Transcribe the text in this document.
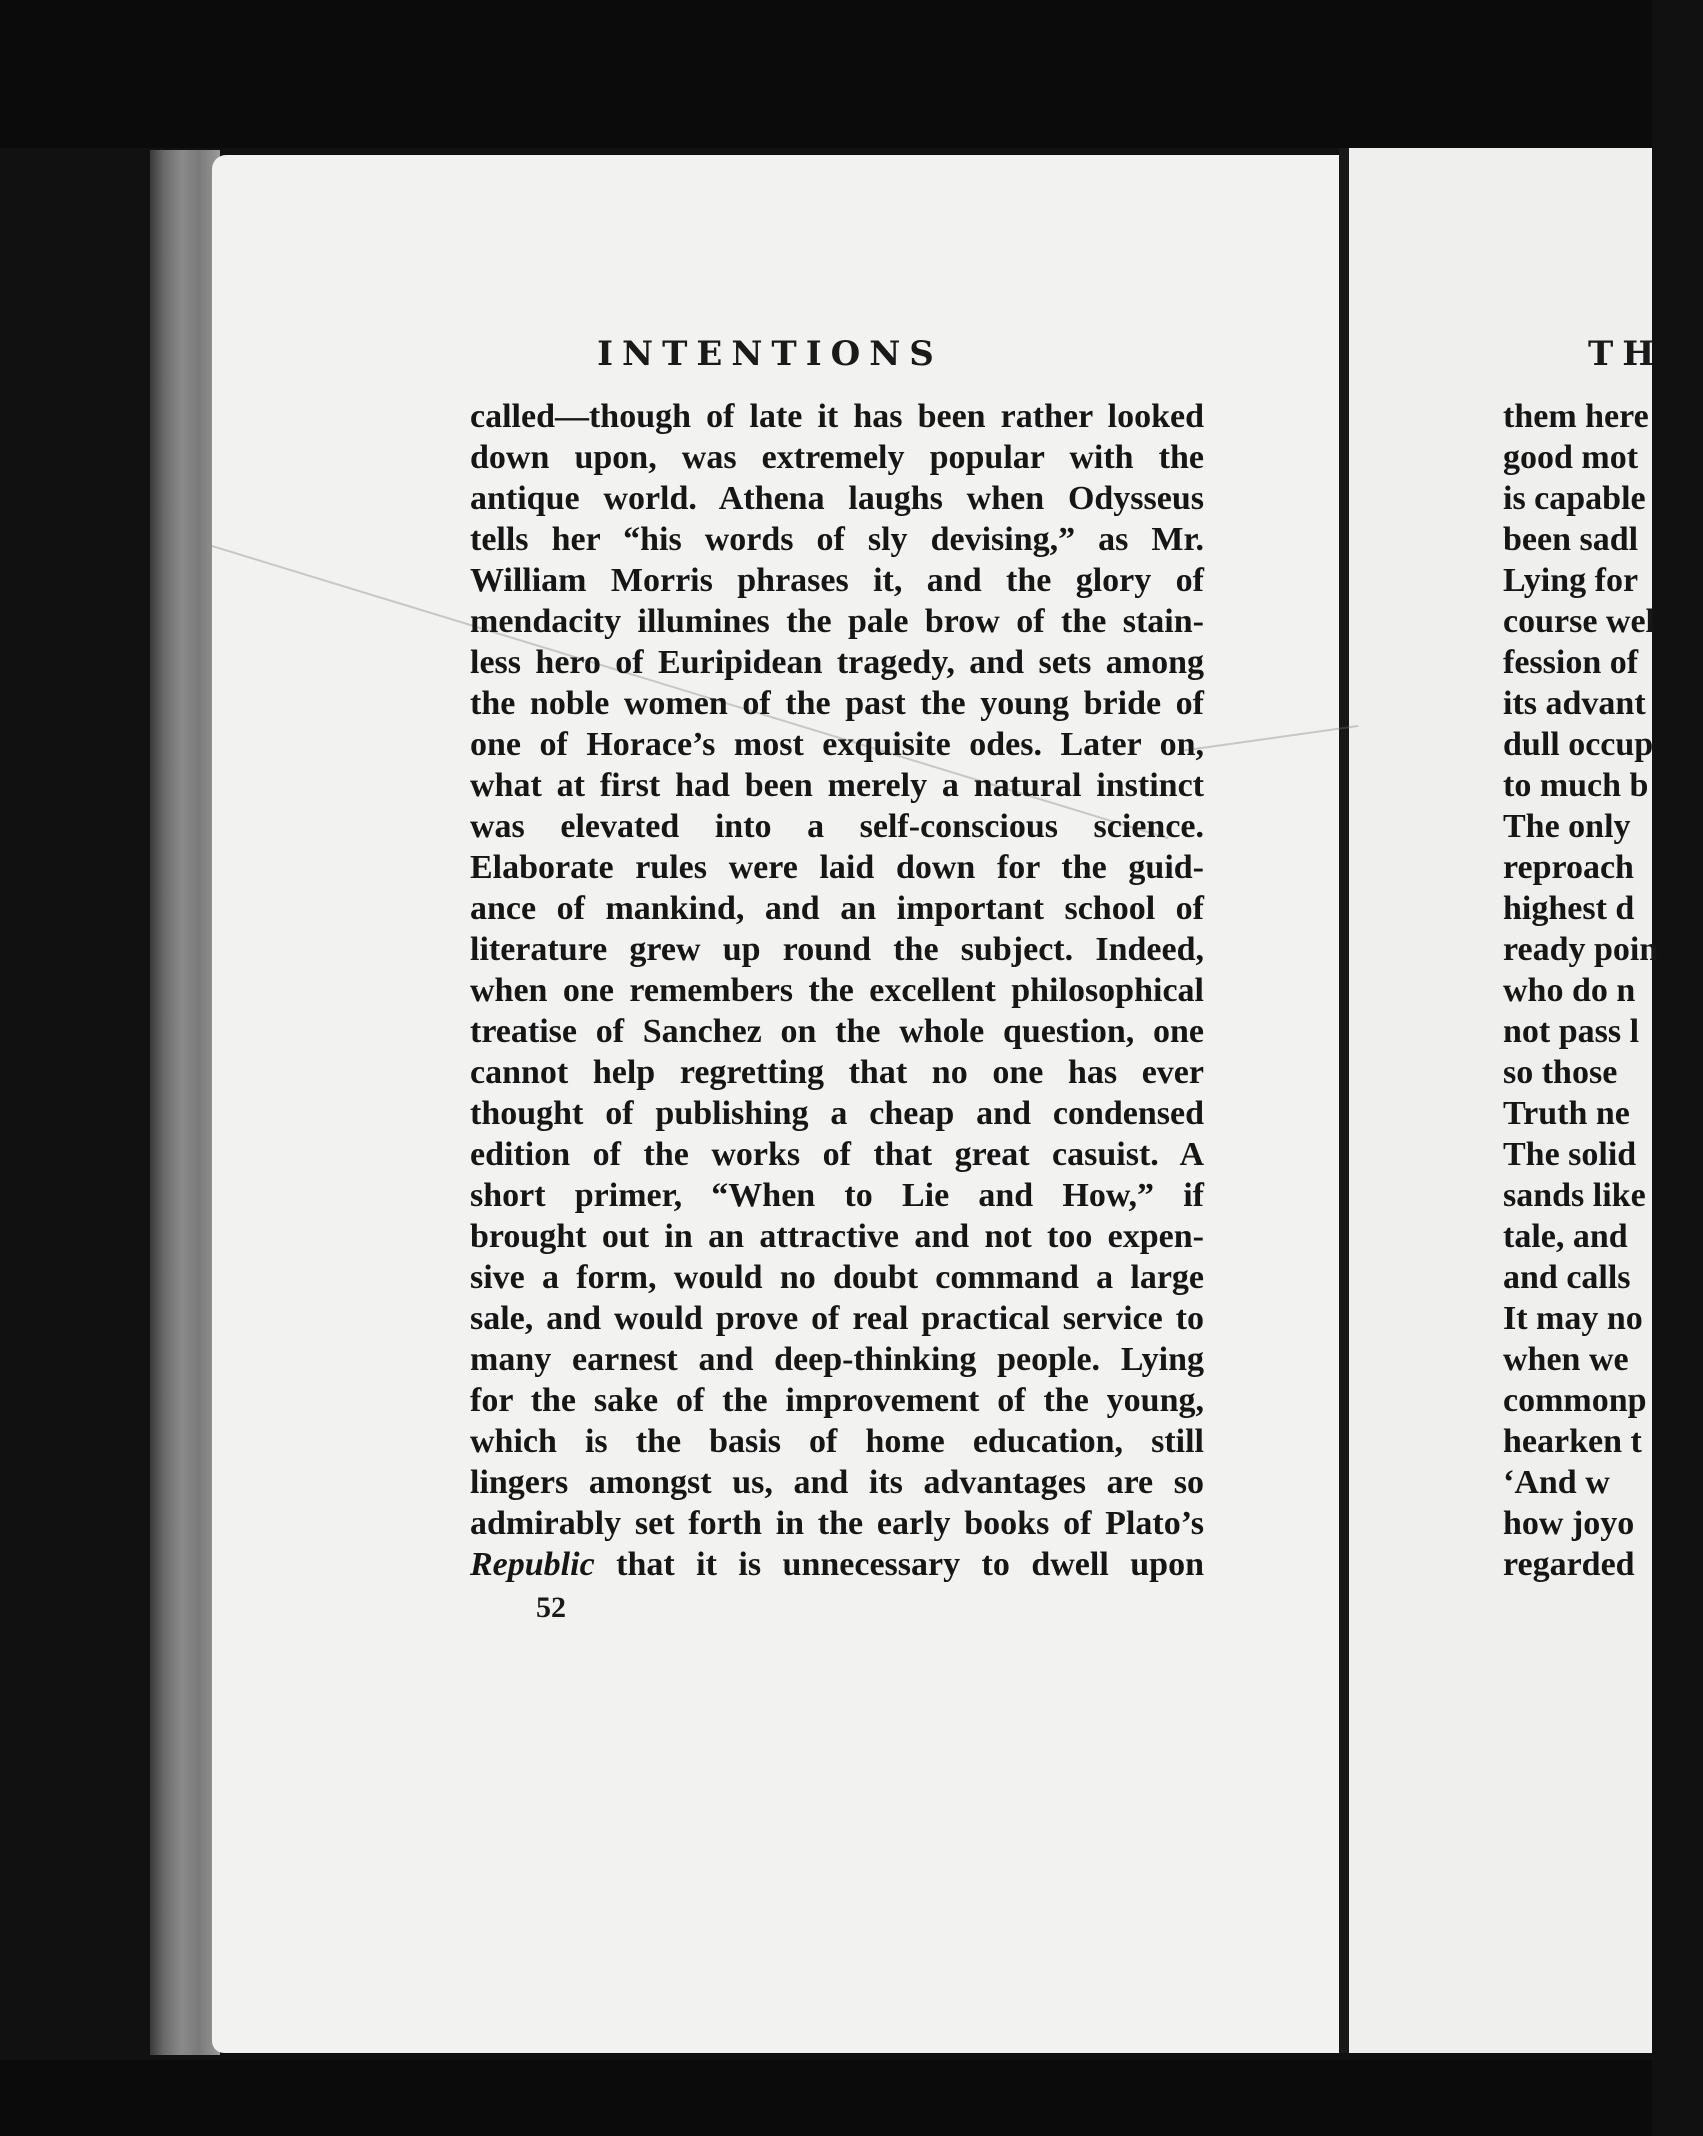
INTENTIONS
called—though of late it has been rather looked
down upon, was extremely popular with the
antique world. Athena laughs when Odysseus
tells her “his words of sly devising,” as Mr.
William Morris phrases it, and the glory of
mendacity illumines the pale brow of the stain-
less hero of Euripidean tragedy, and sets among
the noble women of the past the young bride of
one of Horace’s most exquisite odes. Later on,
what at first had been merely a natural instinct
was elevated into a self-conscious science.
Elaborate rules were laid down for the guid-
ance of mankind, and an important school of
literature grew up round the subject. Indeed,
when one remembers the excellent philosophical
treatise of Sanchez on the whole question, one
cannot help regretting that no one has ever
thought of publishing a cheap and condensed
edition of the works of that great casuist. A
short primer, “When to Lie and How,” if
brought out in an attractive and not too expen-
sive a form, would no doubt command a large
sale, and would prove of real practical service to
many earnest and deep-thinking people. Lying
for the sake of the improvement of the young,
which is the basis of home education, still
lingers amongst us, and its advantages are so
admirably set forth in the early books of Plato’s
Republic that it is unnecessary to dwell upon
52
TH
them here
good mot
is capable
been sadl
Lying for
course wel
fession of
its advant
dull occup
to much b
The only
reproach
highest d
ready poin
who do n
not pass l
so those
Truth ne
The solid
sands like
tale, and
and calls
It may no
when we
commonp
hearken t
‘And w
how joyo
regarded
